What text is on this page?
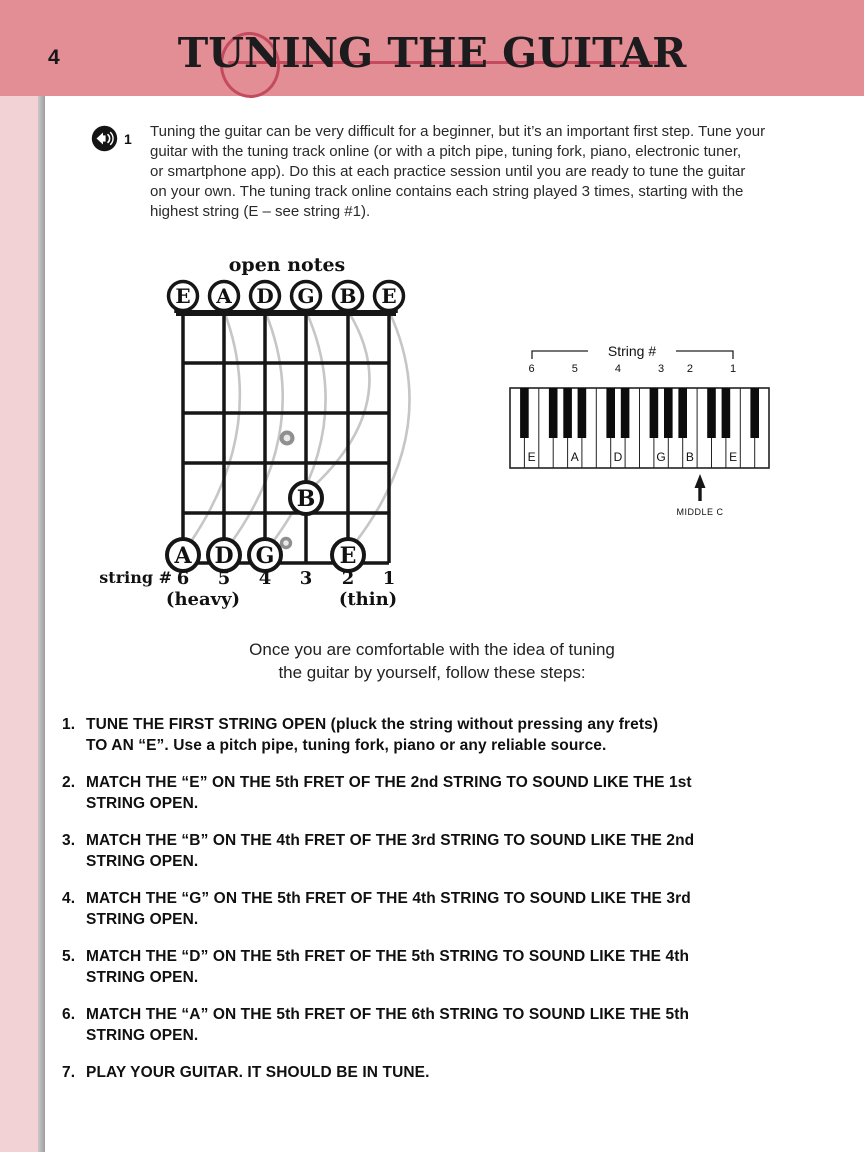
4	TUNING THE GUITAR
1 Tuning the guitar can be very difficult for a beginner, but it’s an important first step. Tune your
guitar with the tuning track online (or with a pitch pipe, tuning fork, piano, electronic tuner,
or smartphone app). Do this at each practice session until you are ready to tune the guitar
on your own. The tuning track online contains each string played 3 times, starting with the
highest string (E – see string #1).
open notes
E A D G B E
A D G
B
E
string # 6 5 4 3 2 1
(heavy)	(thin)
String #
6	5	4	3 2	1
E	A	D	G B	E
MIDDLE C
Once you are comfortable with the idea of tuning
the guitar by yourself, follow these steps:
1. TUNE THE FIRST STRING OPEN (pluck the string without pressing any frets)
TO AN “E”. Use a pitch pipe, tuning fork, piano or any reliable source.
2. MATCH THE “E” ON THE 5th FRET OF THE 2nd STRING TO SOUND LIKE THE 1st
STRING OPEN.
3. MATCH THE “B” ON THE 4th FRET OF THE 3rd STRING TO SOUND LIKE THE 2nd
STRING OPEN.
4. MATCH THE “G” ON THE 5th FRET OF THE 4th STRING TO SOUND LIKE THE 3rd
STRING OPEN.
5. MATCH THE “D” ON THE 5th FRET OF THE 5th STRING TO SOUND LIKE THE 4th
STRING OPEN.
6. MATCH THE “A” ON THE 5th FRET OF THE 6th STRING TO SOUND LIKE THE 5th
STRING OPEN.
7. PLAY YOUR GUITAR. IT SHOULD BE IN TUNE.
